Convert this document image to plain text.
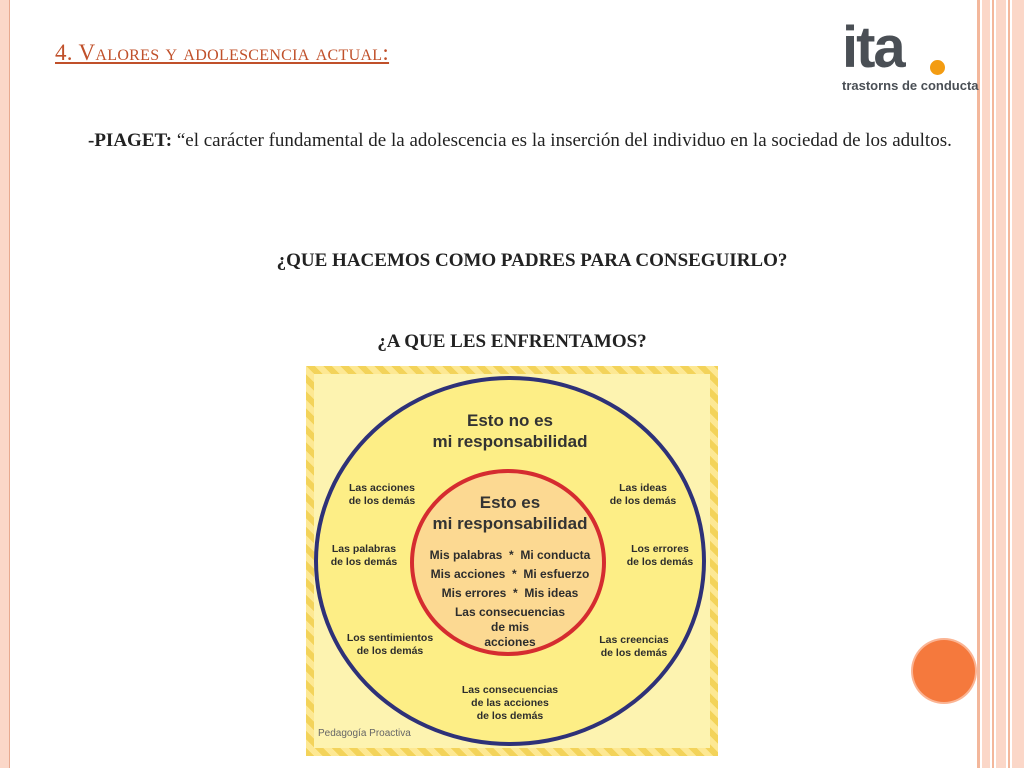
4. Valores y adolescencia actual:	ita
trastorns de conducta
-PIAGET: “el carácter fundamental de la adolescencia es la inserción del individuo en la sociedad de los adultos.
¿QUE HACEMOS COMO PADRES PARA CONSEGUIRLO?
¿A QUE LES ENFRENTAMOS?
Esto no es
mi responsabilidad
Esto es
mi responsabilidad
Mis palabras  *  Mi conducta
Mis acciones  *  Mi esfuerzo
Mis errores  *  Mis ideas
Las consecuencias
de mis
acciones
Las acciones
de los demás
Las ideas
de los demás
Las palabras
de los demás
Los errores
de los demás
Los sentimientos
de los demás
Las creencias
de los demás
Las consecuencias
de las acciones
de los demás
Pedagogía Proactiva
